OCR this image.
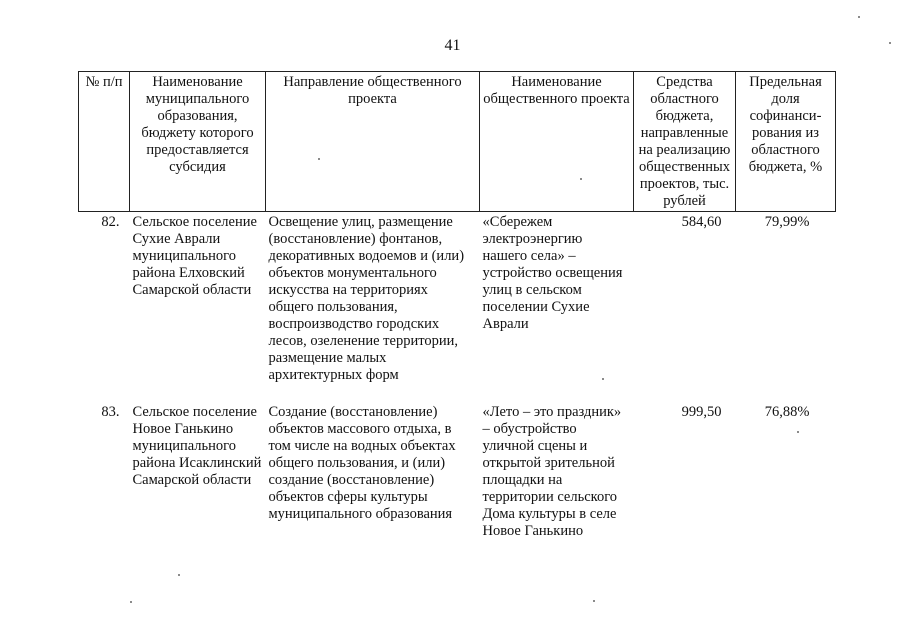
41
№ п/п	Наименование муниципального образования, бюджету которого предоставляется субсидия	Направление общественного проекта	Наименование общественного проекта	Средства областного бюджета, направленные на реализацию общественных проектов, тыс. рублей	Предельная доля софинанси-рования из областного бюджета, %
82.	Сельское поселение Сухие Аврали муниципального района Елховский Самарской области	Освещение улиц, размещение (восстановление) фонтанов, декоративных водоемов и (или) объектов монументального искусства на территориях общего пользования, воспроизводство городских лесов, озеленение территории, размещение малых архитектурных форм	«Сбережем электроэнергию нашего села» – устройство освещения улиц в сельском поселении Сухие Аврали	584,60	79,99%
83.	Сельское поселение Новое Ганькино муниципального района Исаклинский Самарской области	Создание (восстановление) объектов массового отдыха, в том числе на водных объектах общего пользования, и (или) создание (восстановление) объектов сферы культуры муниципального образования	«Лето – это праздник» – обустройство уличной сцены и открытой зрительной площадки на территории сельского Дома культуры в селе Новое Ганькино	999,50	76,88%
